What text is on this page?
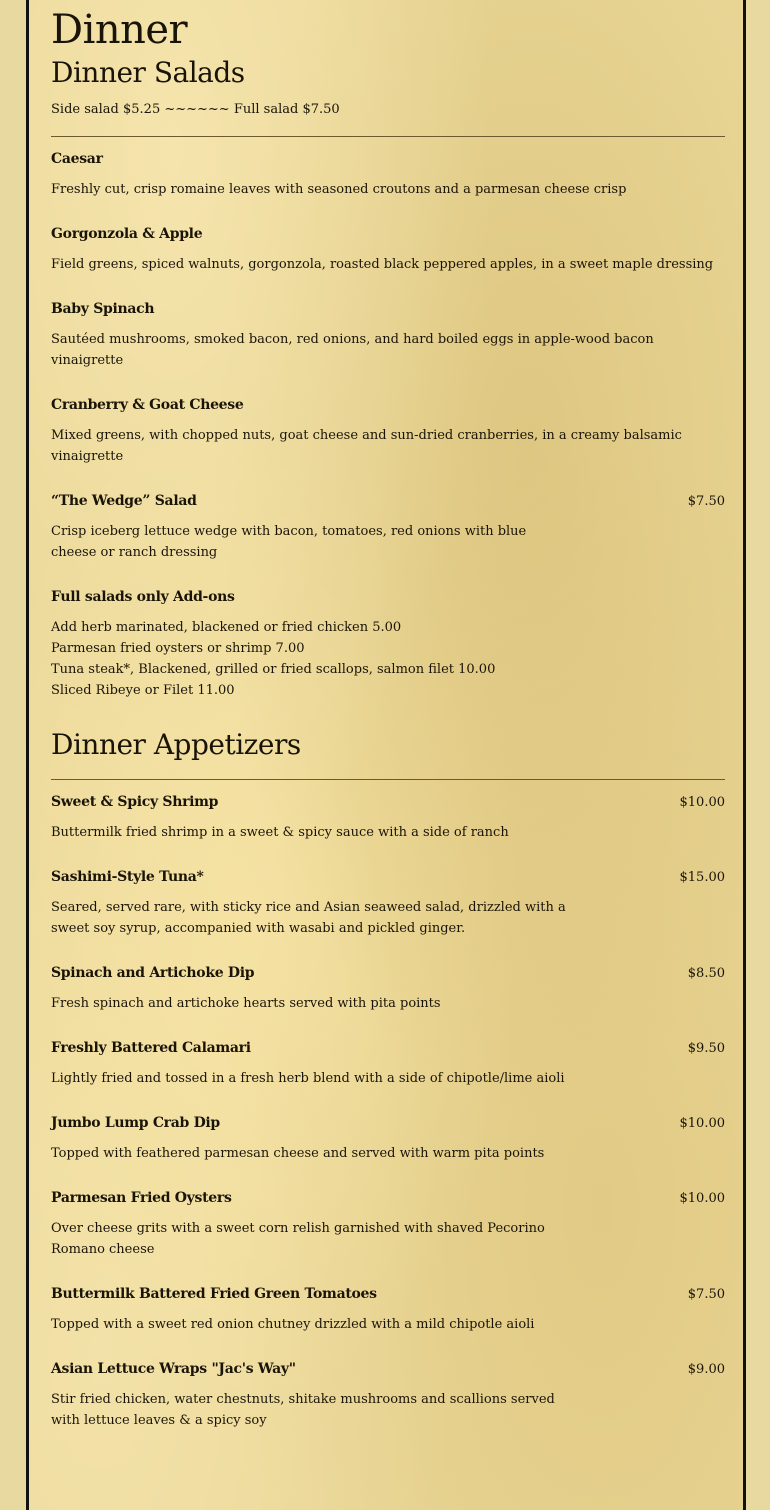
Dinner
Dinner Salads
Side salad $5.25 ~~~~~~ Full salad $7.50
Caesar
Freshly cut, crisp romaine leaves with seasoned croutons and a parmesan cheese crisp
Gorgonzola & Apple
Field greens, spiced walnuts, gorgonzola, roasted black peppered apples, in a sweet maple dressing
Baby Spinach
Sautéed mushrooms, smoked bacon, red onions, and hard boiled eggs in apple-wood bacon vinaigrette
Cranberry & Goat Cheese
Mixed greens, with chopped nuts, goat cheese and sun-dried cranberries, in a creamy balsamic vinaigrette
“The Wedge” Salad	$7.50
Crisp iceberg lettuce wedge with bacon, tomatoes, red onions with blue cheese or ranch dressing
Full salads only Add-ons
Add herb marinated, blackened or fried chicken 5.00
Parmesan fried oysters or shrimp 7.00
Tuna steak*, Blackened, grilled or fried scallops, salmon filet 10.00
Sliced Ribeye or Filet 11.00
Dinner Appetizers
Sweet & Spicy Shrimp	$10.00
Buttermilk fried shrimp in a sweet & spicy sauce with a side of ranch
Sashimi-Style Tuna*	$15.00
Seared, served rare, with sticky rice and Asian seaweed salad, drizzled with a sweet soy syrup, accompanied with wasabi and pickled ginger.
Spinach and Artichoke Dip	$8.50
Fresh spinach and artichoke hearts served with pita points
Freshly Battered Calamari	$9.50
Lightly fried and tossed in a fresh herb blend with a side of chipotle/lime aioli
Jumbo Lump Crab Dip	$10.00
Topped with feathered parmesan cheese and served with warm pita points
Parmesan Fried Oysters	$10.00
Over cheese grits with a sweet corn relish garnished with shaved Pecorino Romano cheese
Buttermilk Battered Fried Green Tomatoes	$7.50
Topped with a sweet red onion chutney drizzled with a mild chipotle aioli
Asian Lettuce Wraps "Jac's Way"	$9.00
Stir fried chicken, water chestnuts, shitake mushrooms and scallions served with lettuce leaves & a spicy soy
